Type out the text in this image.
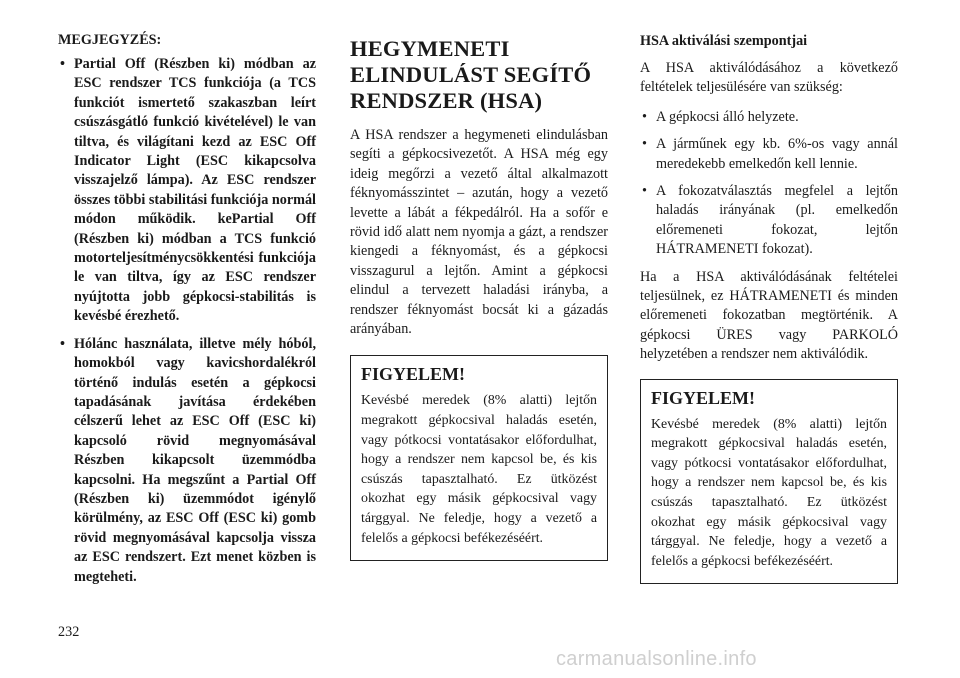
MEGJEGYZÉS:
• Partial Off (Részben ki) módban az ESC rendszer TCS funkciója (a TCS funkciót ismertető szakaszban leírt csúszásgátló funkció kivételével) le van tiltva, és világítani kezd az ESC Off Indicator Light (ESC kikapcsolva visszajelző lámpa). Az ESC rendszer összes többi stabilitási funkciója normál módon működik. kePartial Off (Részben ki) módban a TCS funkció motorteljesítménycsökkentési funkciója le van tiltva, így az ESC rendszer nyújtotta jobb gépkocsi-stabilitás is kevésbé érezhető.
• Hólánc használata, illetve mély hóból, homokból vagy kavicshordalékról történő indulás esetén a gépkocsi tapadásának javítása érdekében célszerű lehet az ESC Off (ESC ki) kapcsoló rövid megnyomásával Részben kikapcsolt üzemmódba kapcsolni. Ha megszűnt a Partial Off (Részben ki) üzemmódot igénylő körülmény, az ESC Off (ESC ki) gomb rövid megnyomásával kapcsolja vissza az ESC rendszert. Ezt menet közben is megteheti.
HEGYMENETI ELINDULÁST SEGÍTŐ RENDSZER (HSA)

A HSA rendszer a hegymeneti elindulásban segíti a gépkocsivezetőt. A HSA még egy ideig megőrzi a vezető által alkalmazott féknyomásszintet – azután, hogy a vezető levette a lábát a fékpedálról. Ha a sofőr e rövid idő alatt nem nyomja a gázt, a rendszer kiengedi a féknyomást, és a gépkocsi visszagurul a lejtőn. Amint a gépkocsi elindul a tervezett haladási irányba, a rendszer féknyomást bocsát ki a gázadás arányában.

FIGYELEM!

Kevésbé meredek (8% alatti) lejtőn megrakott gépkocsival haladás esetén, vagy pótkocsi vontatásakor előfordulhat, hogy a rendszer nem kapcsol be, és kis csúszás tapasztalható. Ez ütközést okozhat egy másik gépkocsival vagy tárggyal. Ne feledje, hogy a vezető a felelős a gépkocsi befékezéséért.

HSA aktiválási szempontjai

A HSA aktiválódásához a következő feltételek teljesülésére van szükség:

• A gépkocsi álló helyzete.
• A járműnek egy kb. 6%-os vagy annál meredekebb emelkedőn kell lennie.
• A fokozatválasztás megfelel a lejtőn haladás irányának (pl. emelkedőn előremeneti fokozat, lejtőn HÁTRAMENETI fokozat).

Ha a HSA aktiválódásának feltételei teljesülnek, ez HÁTRAMENETI és minden előremeneti fokozatban megtörténik. A gépkocsi ÜRES vagy PARKOLÓ helyzetében a rendszer nem aktiválódik.

FIGYELEM!

Kevésbé meredek (8% alatti) lejtőn megrakott gépkocsival haladás esetén, vagy pótkocsi vontatásakor előfordulhat, hogy a rendszer nem kapcsol be, és kis csúszás tapasztalható. Ez ütközést okozhat egy másik gépkocsival vagy tárggyal. Ne feledje, hogy a vezető a felelős a gépkocsi befékezéséért.

232
carmanualsonline.info
